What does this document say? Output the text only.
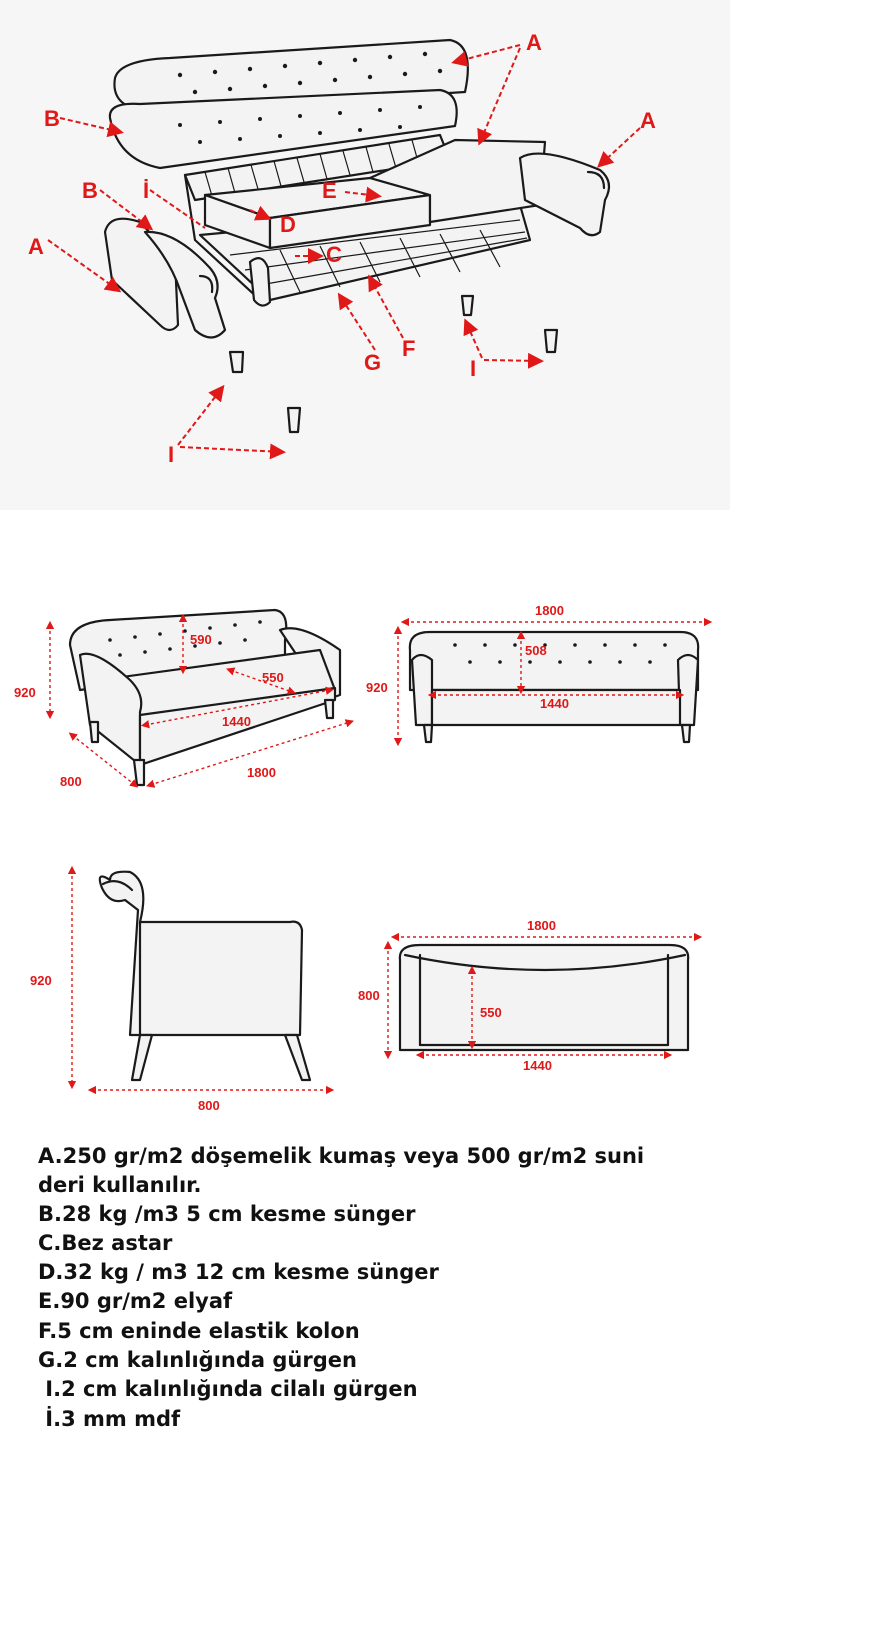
A
A
A
B
B İ	E
D
C
G
F
I
I
920
800
1800
1440
550
590
1800
920
508
1440
920
800
1800
800
550
1440
A.250 gr/m2 döşemelik kumaş veya 500 gr/m2 suni
deri kullanılır.
B.28 kg /m3 5 cm kesme sünger
C.Bez astar
D.32 kg / m3 12 cm kesme sünger
E.90 gr/m2 elyaf
F.5 cm eninde elastik kolon
G.2 cm kalınlığında gürgen
I.2 cm kalınlığında cilalı gürgen
İ.3 mm mdf
